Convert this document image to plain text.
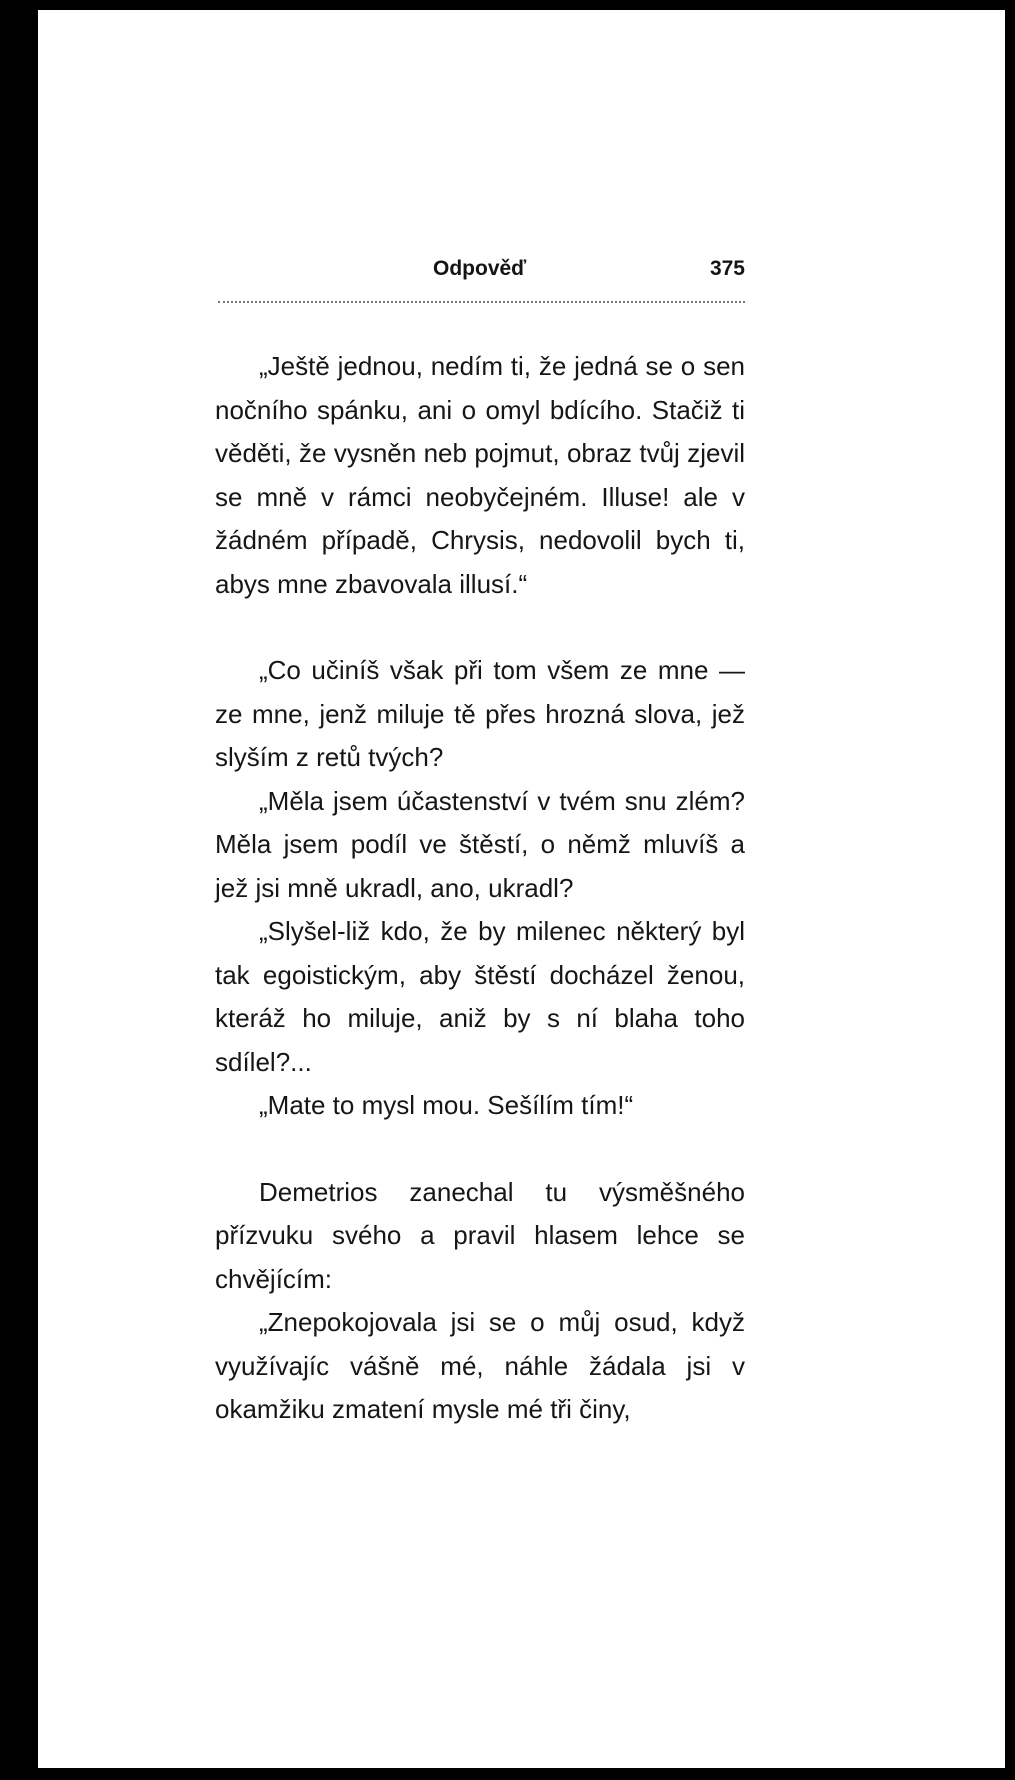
Odpověď	375

„Ještě jednou, nedím ti, že jedná se o sen nočního spánku, ani o omyl bdícího. Stačiž ti věděti, že vysněn neb pojmut, obraz tvůj zjevil se mně v rámci neobyčejném. Illuse! ale v žádném případě, Chrysis, nedovolil bych ti, abys mne zbavovala illusí.“

„Co učiníš však při tom všem ze mne — ze mne, jenž miluje tě přes hrozná slova, jež slyším z retů tvých?

„Měla jsem účastenství v tvém snu zlém? Měla jsem podíl ve štěstí, o němž mluvíš a jež jsi mně ukradl, ano, ukradl?

„Slyšel-liž kdo, že by milenec některý byl tak egoistickým, aby štěstí docházel ženou, kteráž ho miluje, aniž by s ní blaha toho sdílel?...

„Mate to mysl mou. Sešílím tím!“

Demetrios zanechal tu výsměšného přízvuku svého a pravil hlasem lehce se chvějícím:

„Znepokojovala jsi se o můj osud, když využívajíc vášně mé, náhle žádala jsi v okamžiku zmatení mysle mé tři činy,
